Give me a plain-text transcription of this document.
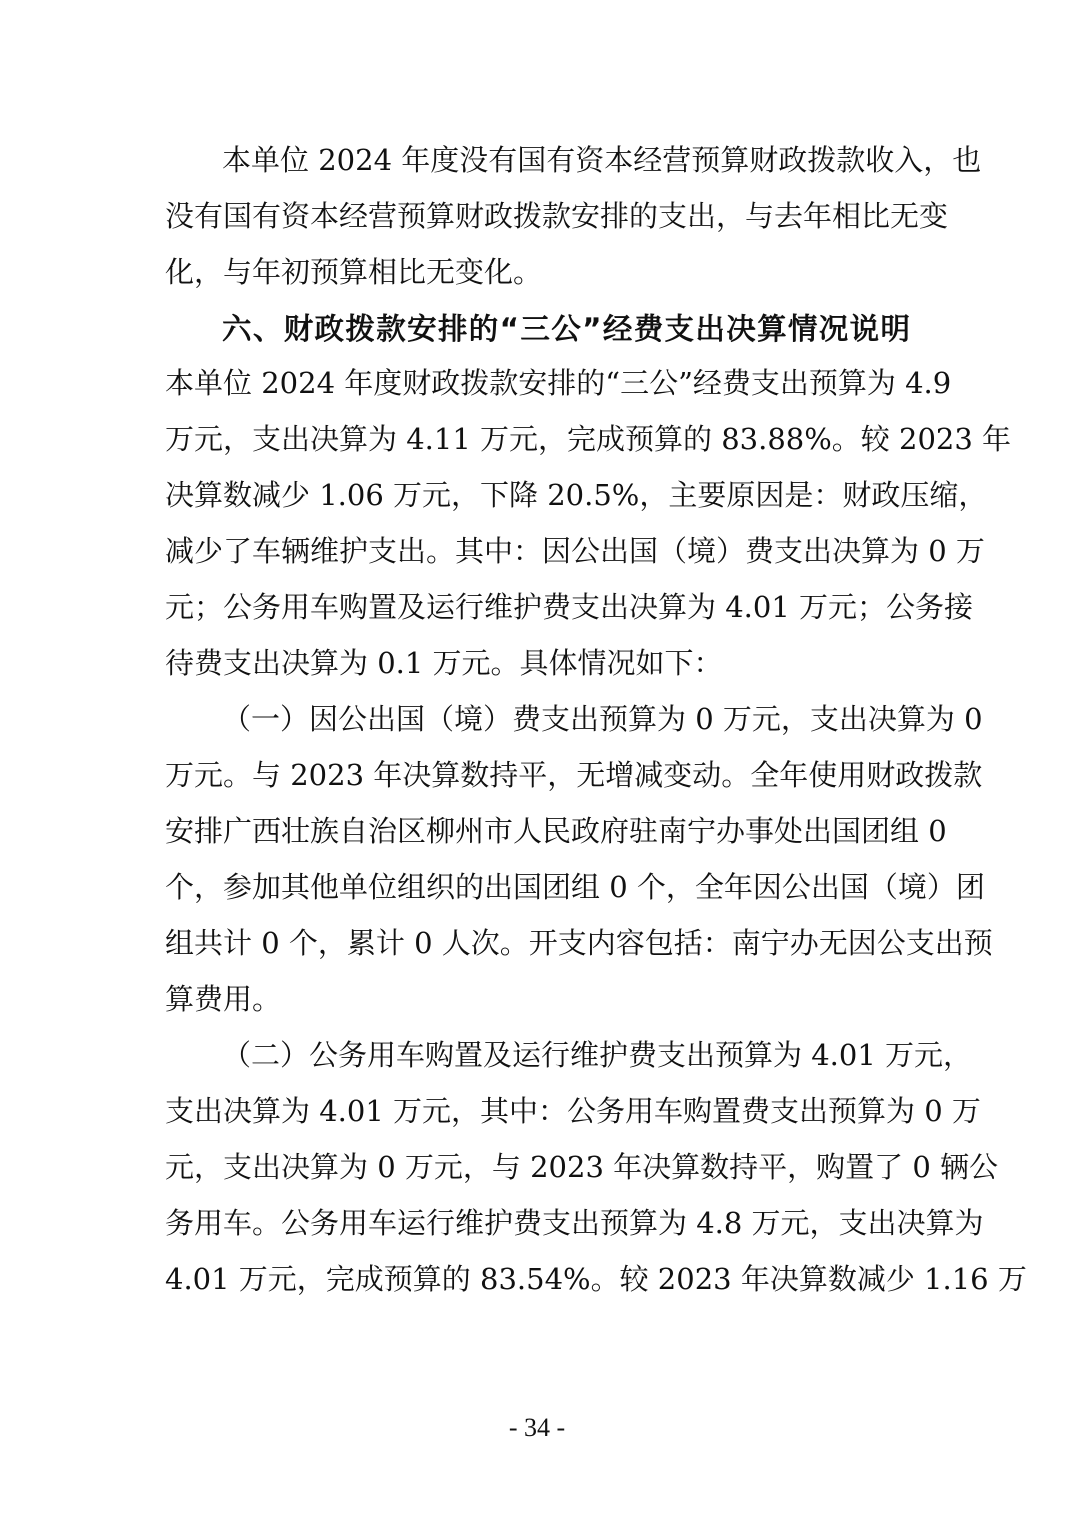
本单位 2024 年度没有国有资本经营预算财政拨款收入，也
没有国有资本经营预算财政拨款安排的支出，与去年相比无变
化，与年初预算相比无变化。
六、财政拨款安排的“三公”经费支出决算情况说明
本单位 2024 年度财政拨款安排的“三公”经费支出预算为 4.9
万元，支出决算为 4.11 万元，完成预算的 83.88%。较 2023 年
决算数减少 1.06 万元，下降 20.5%，主要原因是：财政压缩，
减少了车辆维护支出。其中：因公出国（境）费支出决算为 0 万
元；公务用车购置及运行维护费支出决算为 4.01 万元；公务接
待费支出决算为 0.1 万元。具体情况如下：
（一）因公出国（境）费支出预算为 0 万元，支出决算为 0
万元。与 2023 年决算数持平，无增减变动。全年使用财政拨款
安排广西壮族自治区柳州市人民政府驻南宁办事处出国团组 0
个，参加其他单位组织的出国团组 0 个，全年因公出国（境）团
组共计 0 个，累计 0 人次。开支内容包括：南宁办无因公支出预
算费用。
（二）公务用车购置及运行维护费支出预算为 4.01 万元，
支出决算为 4.01 万元，其中：公务用车购置费支出预算为 0 万
元，支出决算为 0 万元，与 2023 年决算数持平，购置了 0 辆公
务用车。公务用车运行维护费支出预算为 4.8 万元，支出决算为
4.01 万元，完成预算的 83.54%。较 2023 年决算数减少 1.16 万
- 34 -
